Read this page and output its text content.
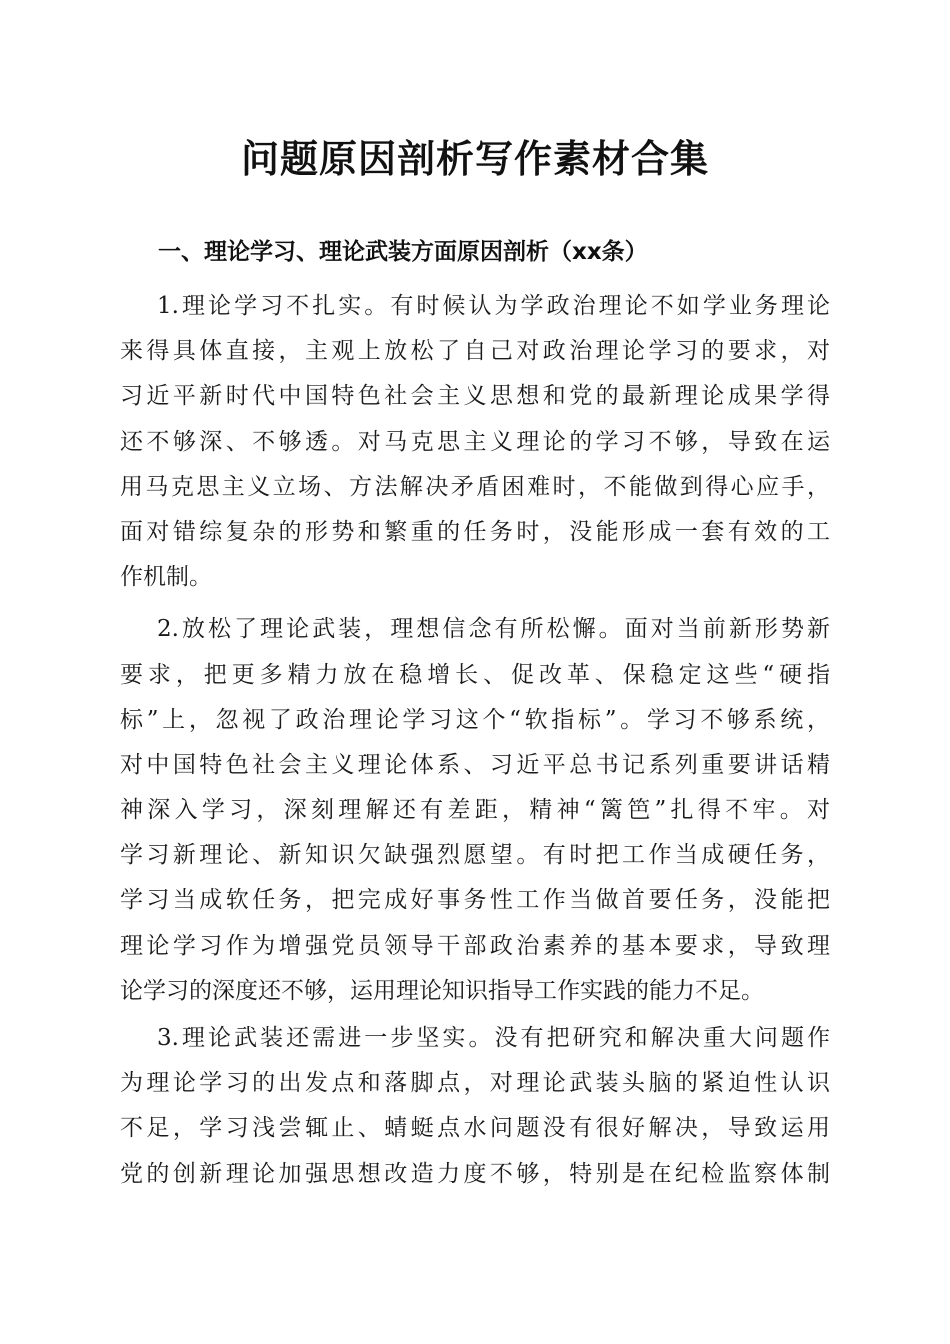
问题原因剖析写作素材合集
一、理论学习、理论武装方面原因剖析（xx条）
1.理论学习不扎实。有时候认为学政治理论不如学业务理论
来得具体直接，主观上放松了自己对政治理论学习的要求，对
习近平新时代中国特色社会主义思想和党的最新理论成果学得
还不够深、不够透。对马克思主义理论的学习不够，导致在运
用马克思主义立场、方法解决矛盾困难时，不能做到得心应手，
面对错综复杂的形势和繁重的任务时，没能形成一套有效的工
作机制。
2.放松了理论武装，理想信念有所松懈。面对当前新形势新
要求，把更多精力放在稳增长、促改革、保稳定这些“硬指
标”上，忽视了政治理论学习这个“软指标”。学习不够系统，
对中国特色社会主义理论体系、习近平总书记系列重要讲话精
神深入学习，深刻理解还有差距，精神“篱笆”扎得不牢。对
学习新理论、新知识欠缺强烈愿望。有时把工作当成硬任务，
学习当成软任务，把完成好事务性工作当做首要任务，没能把
理论学习作为增强党员领导干部政治素养的基本要求，导致理
论学习的深度还不够，运用理论知识指导工作实践的能力不足。
3.理论武装还需进一步坚实。没有把研究和解决重大问题作
为理论学习的出发点和落脚点，对理论武装头脑的紧迫性认识
不足，学习浅尝辄止、蜻蜓点水问题没有很好解决，导致运用
党的创新理论加强思想改造力度不够，特别是在纪检监察体制
